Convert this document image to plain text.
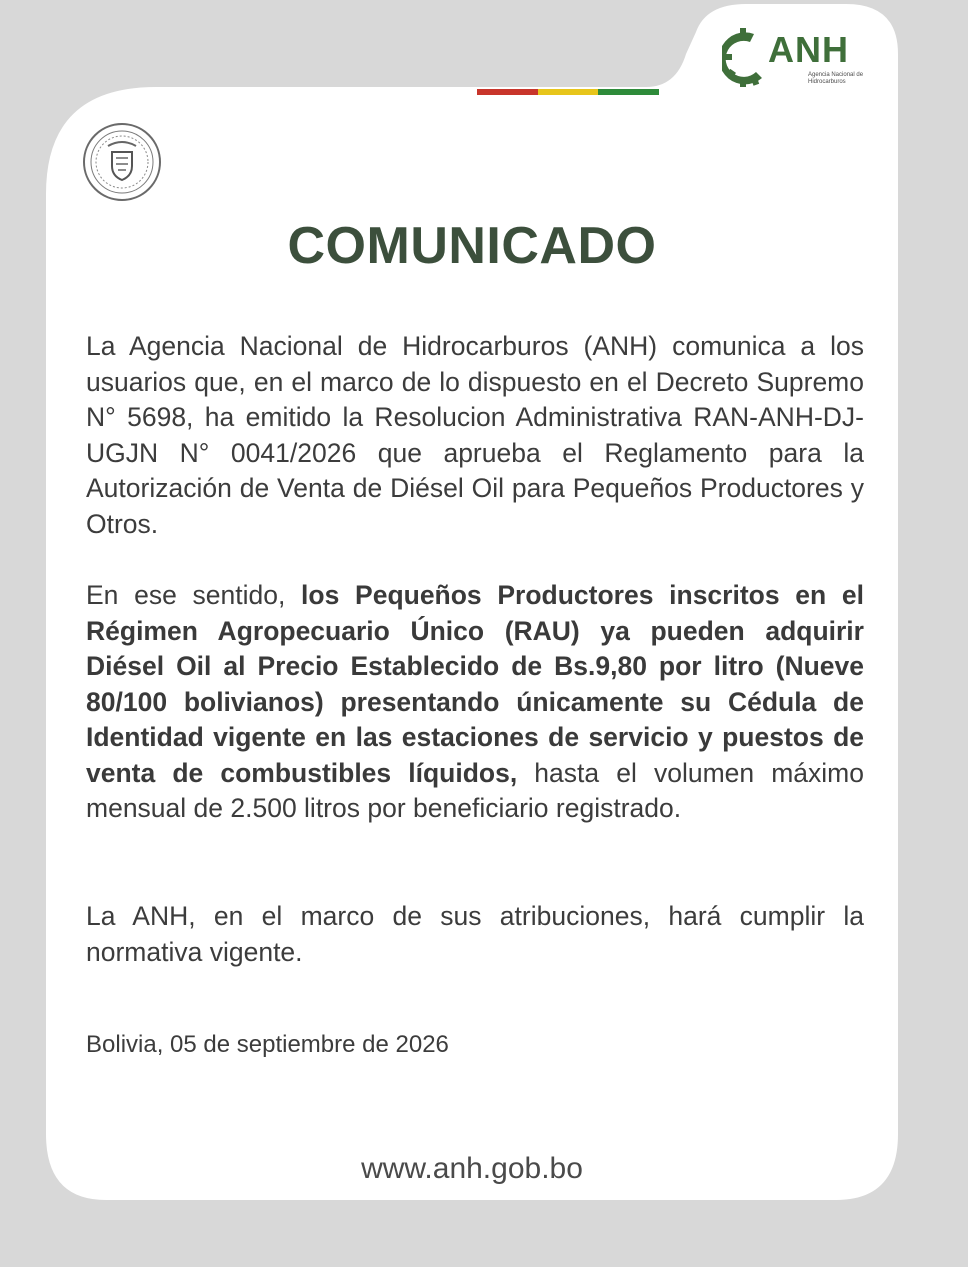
ANH
Agencia Nacional de Hidrocarburos
COMUNICADO

La Agencia Nacional de Hidrocarburos (ANH) comunica a los usuarios que, en el marco de lo dispuesto en el Decreto Supremo N° 5698, ha emitido la Resolucion Administrativa RAN-ANH-DJ-UGJN N° 0041/2026 que aprueba el Reglamento para la Autorización de Venta de Diésel Oil para Pequeños Productores y Otros.

En ese sentido, los Pequeños Productores inscritos en el Régimen Agropecuario Único (RAU) ya pueden adquirir Diésel Oil al Precio Establecido de Bs.9,80 por litro (Nueve 80/100 bolivianos) presentando únicamente su Cédula de Identidad vigente en las estaciones de servicio y puestos de venta de combustibles líquidos, hasta el volumen máximo mensual de 2.500 litros por beneficiario registrado.

La ANH, en el marco de sus atribuciones, hará cumplir la normativa vigente.

Bolivia, 05 de septiembre de 2026

www.anh.gob.bo
